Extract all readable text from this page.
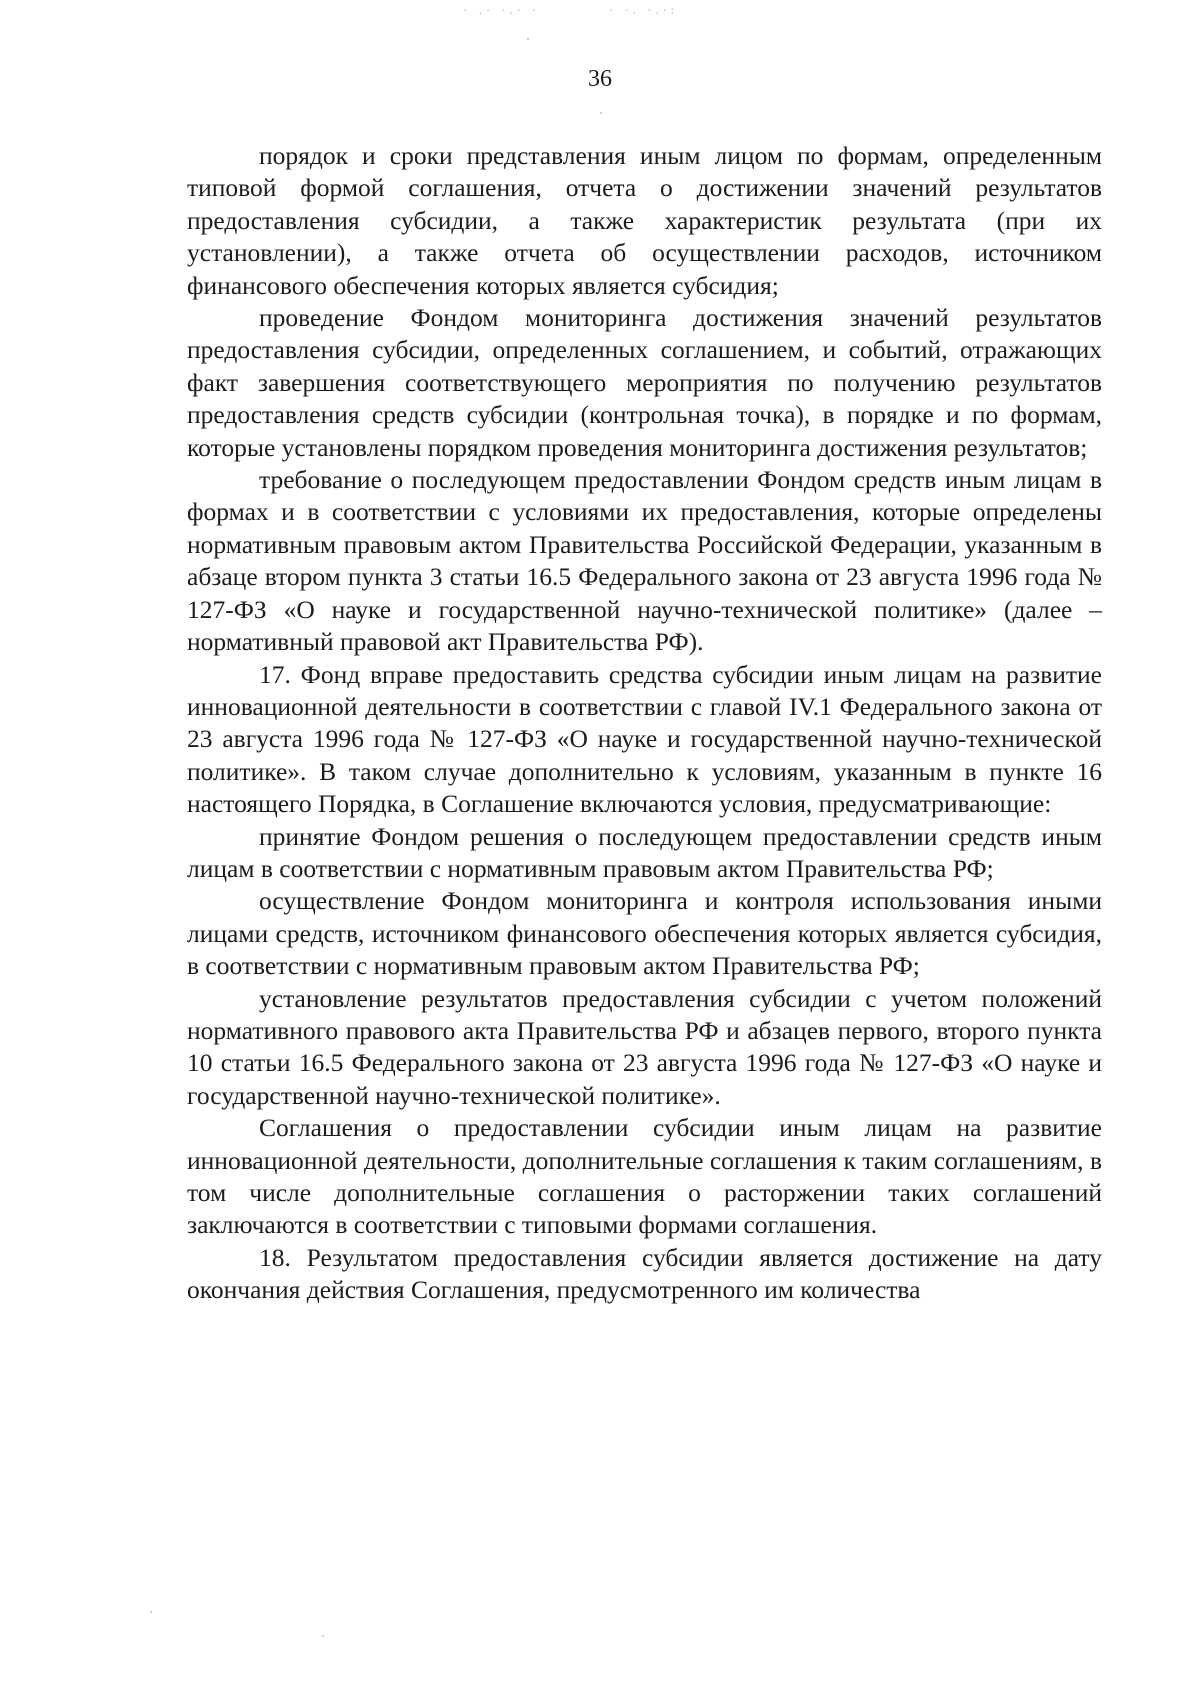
· .· ·.· ·	· ·. ·.·:
36

порядок и сроки представления иным лицом по формам, определенным типовой формой соглашения, отчета о достижении значений результатов предоставления субсидии, а также характеристик результата (при их установлении), а также отчета об осуществлении расходов, источником финансового обеспечения которых является субсидия;

проведение Фондом мониторинга достижения значений результатов предоставления субсидии, определенных соглашением, и событий, отражающих факт завершения соответствующего мероприятия по получению результатов предоставления средств субсидии (контрольная точка), в порядке и по формам, которые установлены порядком проведения мониторинга достижения результатов;

требование о последующем предоставлении Фондом средств иным лицам в формах и в соответствии с условиями их предоставления, которые определены нормативным правовым актом Правительства Российской Федерации, указанным в абзаце втором пункта 3 статьи 16.5 Федерального закона от 23 августа 1996 года № 127-ФЗ «О науке и государственной научно-технической политике» (далее – нормативный правовой акт Правительства РФ).

17. Фонд вправе предоставить средства субсидии иным лицам на развитие инновационной деятельности в соответствии с главой IV.1 Федерального закона от 23 августа 1996 года № 127-ФЗ «О науке и государственной научно-технической политике». В таком случае дополнительно к условиям, указанным в пункте 16 настоящего Порядка, в Соглашение включаются условия, предусматривающие:

принятие Фондом решения о последующем предоставлении средств иным лицам в соответствии с нормативным правовым актом Правительства РФ;

осуществление Фондом мониторинга и контроля использования иными лицами средств, источником финансового обеспечения которых является субсидия, в соответствии с нормативным правовым актом Правительства РФ;

установление результатов предоставления субсидии с учетом положений нормативного правового акта Правительства РФ и абзацев первого, второго пункта 10 статьи 16.5 Федерального закона от 23 августа 1996 года № 127-ФЗ «О науке и государственной научно-технической политике».

Соглашения о предоставлении субсидии иным лицам на развитие инновационной деятельности, дополнительные соглашения к таким соглашениям, в том числе дополнительные соглашения о расторжении таких соглашений заключаются в соответствии с типовыми формами соглашения.

18. Результатом предоставления субсидии является достижение на дату окончания действия Соглашения, предусмотренного им количества
